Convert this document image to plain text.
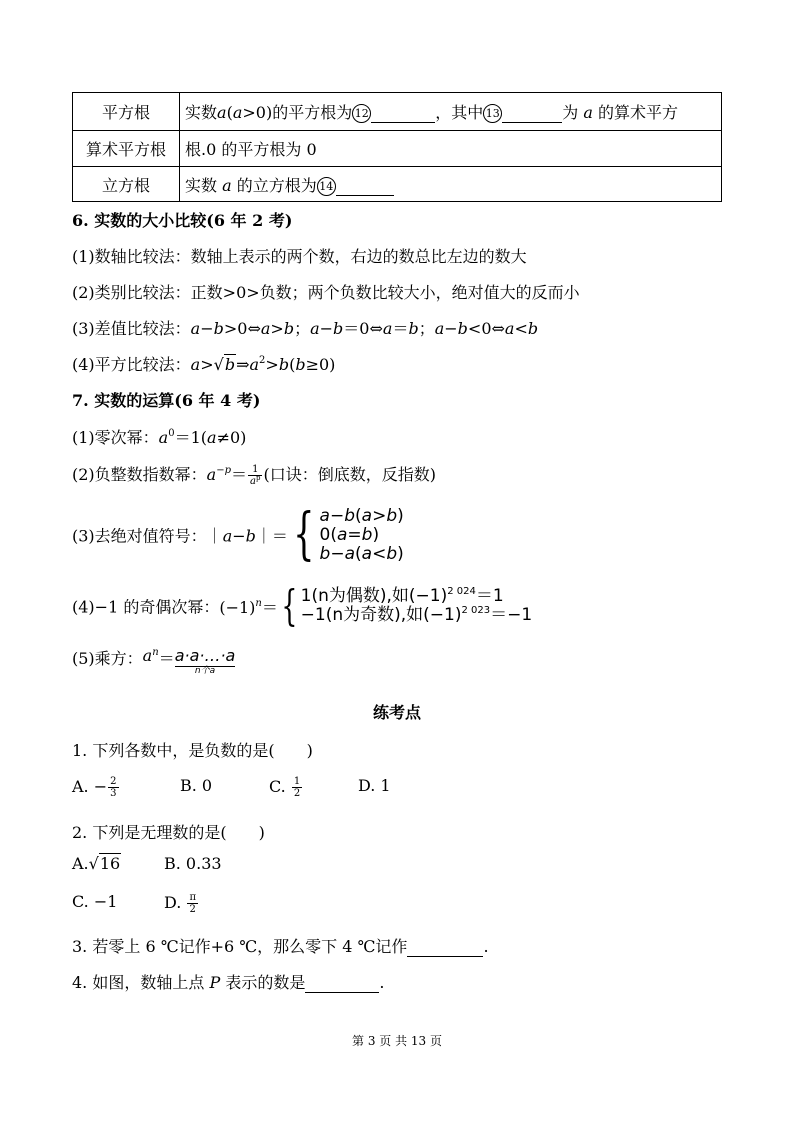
平方根	实数a(a>0)的平方根为 12 ，其中 13 为 a 的算术平方
算术平方根	根.0 的平方根为 0
立方根	实数 a 的立方根为 14
6. 实数的大小比较(6 年 2 考)
(1)数轴比较法：数轴上表示的两个数，右边的数总比左边的数大
(2)类别比较法：正数>0>负数；两个负数比较大小，绝对值大的反而小
(3)差值比较法：a−b>0⇔a>b；a−b＝0⇔a＝b；a−b<0⇔a<b
(4)平方比较法：$a>√b\Rightarrow a^2>b(b\ge 0)$
7. 实数的运算(6 年 4 考)
(1)零次幂：$a^0=1(a\ne 0)$
(2)负整数指数幂：$a^{-p}= \frac{1}{a^p}$ (口诀：倒底数，反指数)
(3)去绝对值符号：｜a−b｜＝{ a−b(a>b)
0(a=b)
b−a(a<b)
(4)−1 的奇偶次幂：$(-1)^n=${ 1(n为偶数),如$(-1)^{2 024}=1$
−1(n为奇数),如$(-1)^{2 023}=-1$
(5)乘方：$a^n=a\cdot a\cdot\dots\cdot a$
n个a
练考点
1. 下列各数中，是负数的是(　　)
A. − $\frac{2}{3}$	B. 0	C. $\frac{1}{2}$	D. 1
2. 下列是无理数的是(　　)
A.√16	B. 0.33
C. −1	D. $\frac{\pi}{2}$
3. 若零上 6 ℃记作+6 ℃，那么零下 4 ℃记作	.
4. 如图，数轴上点 P 表示的数是	.
第 3 页 共 13 页
